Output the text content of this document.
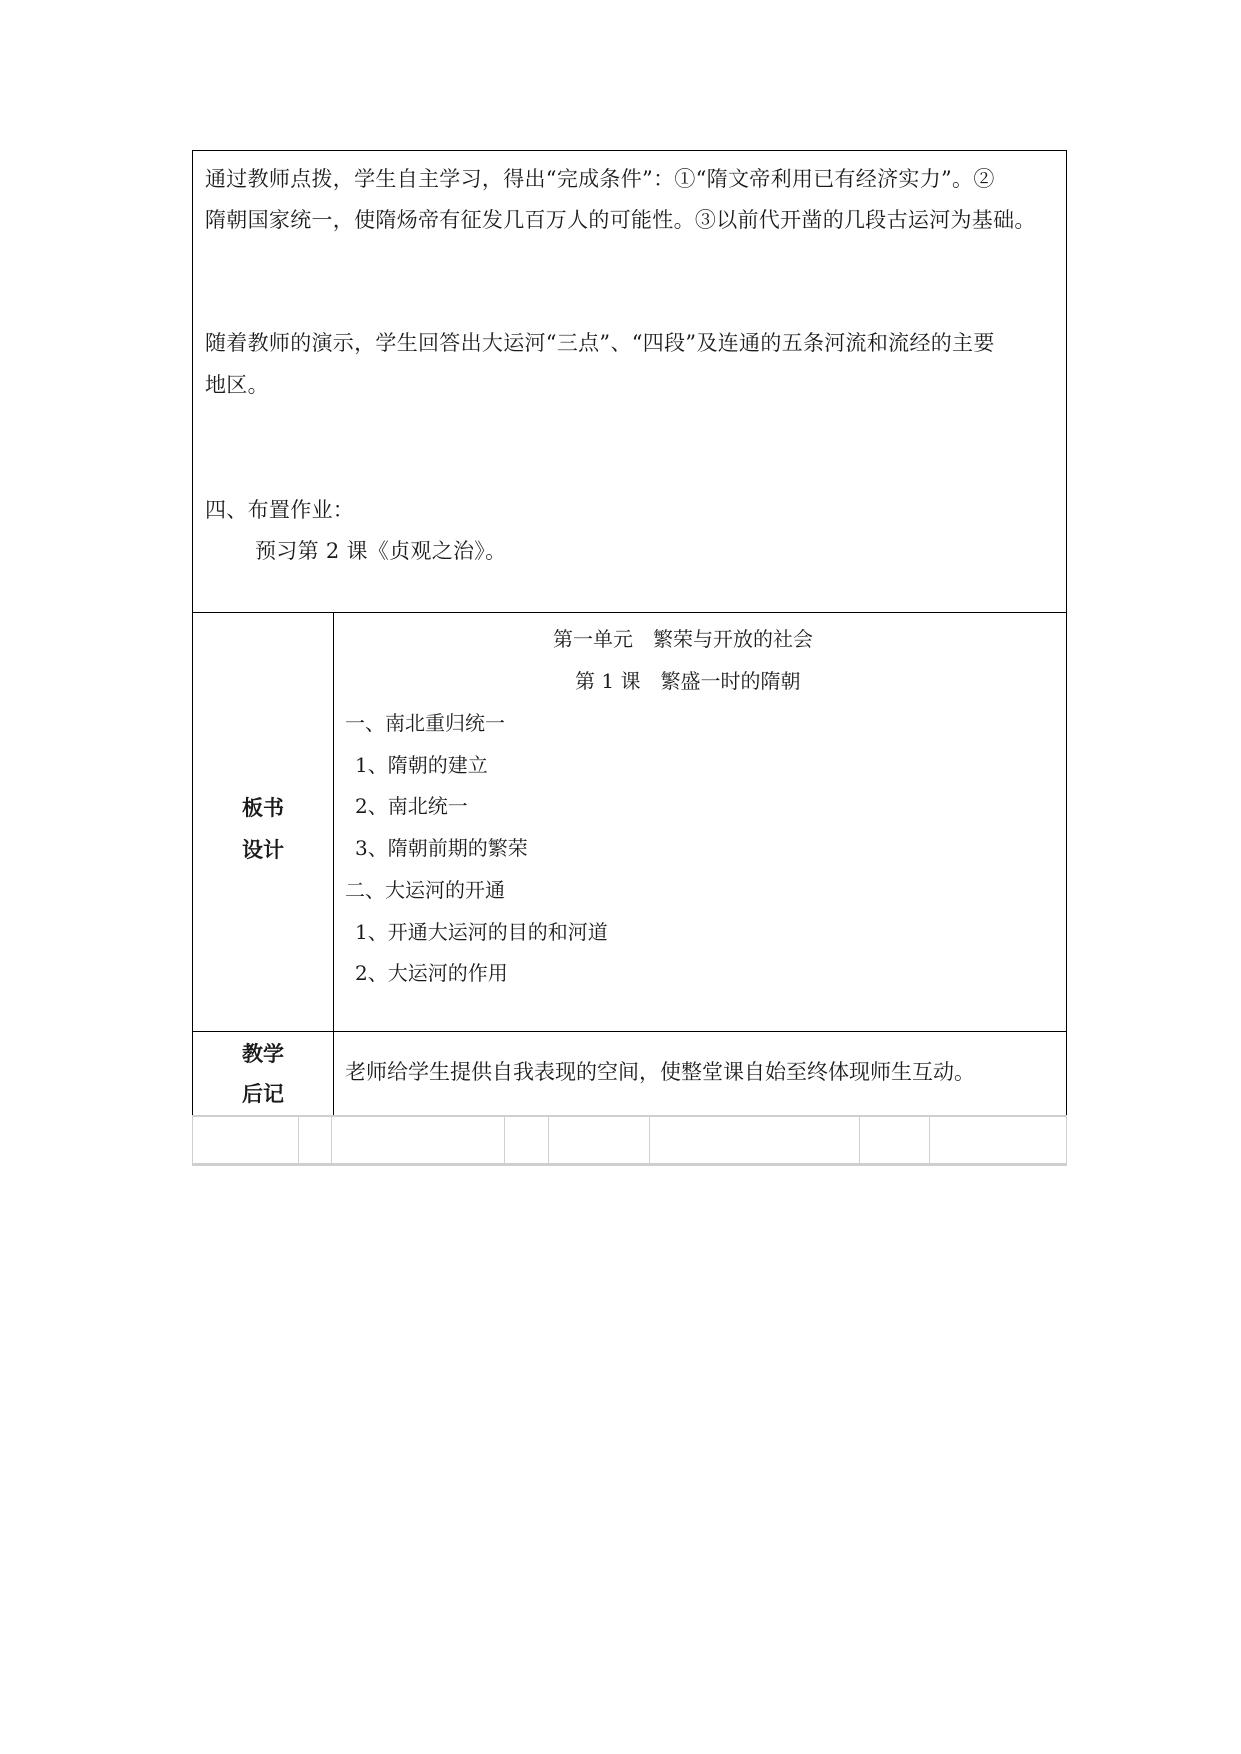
通过教师点拨，学生自主学习，得出“完成条件”：①“隋文帝利用已有经济实力”。②
隋朝国家统一，使隋炀帝有征发几百万人的可能性。③以前代开凿的几段古运河为基础。
随着教师的演示，学生回答出大运河“三点”、“四段”及连通的五条河流和流经的主要
地区。
四、布置作业：
预习第 2 课《贞观之治》。
板书
设计
第一单元　繁荣与开放的社会
第 1 课　繁盛一时的隋朝
一、南北重归统一
1、隋朝的建立
2、南北统一
3、隋朝前期的繁荣
二、大运河的开通
1、开通大运河的目的和河道
2、大运河的作用
教学
后记
老师给学生提供自我表现的空间，使整堂课自始至终体现师生互动。
